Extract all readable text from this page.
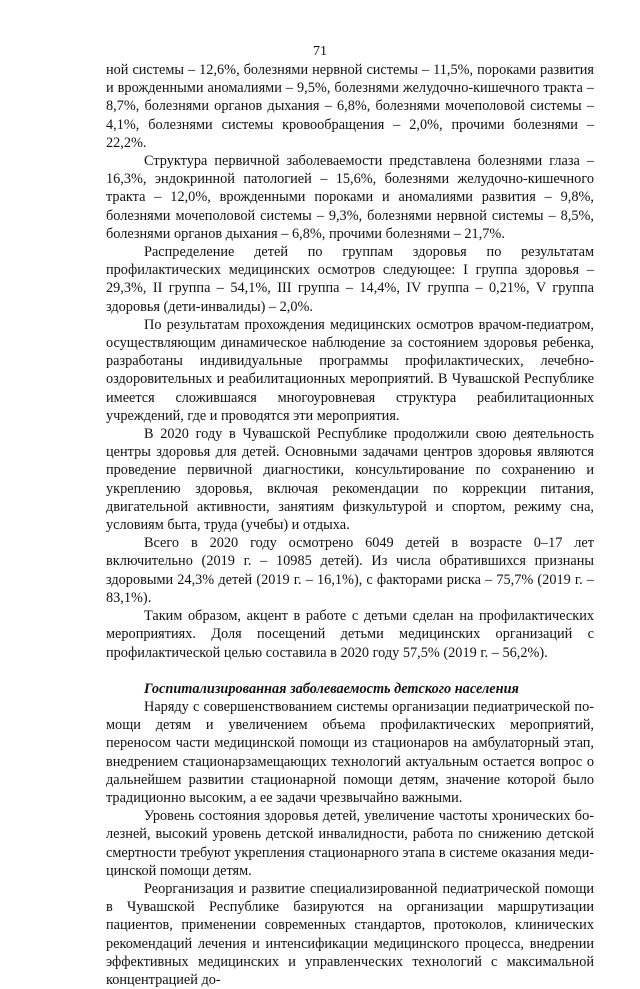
71

ной системы – 12,6%, болезнями нервной системы – 11,5%, пороками развития и врожденными аномалиями – 9,5%, болезнями желудочно-кишечного тракта – 8,7%, болезнями органов дыхания – 6,8%, болезнями мочеполовой системы – 4,1%, болезнями системы кровообращения – 2,0%, прочими болезнями – 22,2%.

Структура первичной заболеваемости представлена болезнями глаза – 16,3%, эндокринной патологией – 15,6%, болезнями желудочно-кишечного тракта – 12,0%, врожденными пороками и аномалиями развития – 9,8%, болезнями мочеполовой системы – 9,3%, болезнями нервной системы – 8,5%, болезнями органов дыхания – 6,8%, прочими болезнями – 21,7%.

Распределение детей по группам здоровья по результатам профилактических медицинских осмотров следующее: I группа здоровья – 29,3%, II группа – 54,1%, III группа – 14,4%, IV группа – 0,21%, V группа здоровья (дети-инвалиды) – 2,0%.

По результатам прохождения медицинских осмотров врачом-педиатром, осуществляющим динамическое наблюдение за состоянием здоровья ребенка, разработаны индивидуальные программы профилактических, лечебно-оздоровительных и реабилитационных мероприятий. В Чувашской Республике имеется сложившаяся многоуровневая структура реабилитационных учреждений, где и проводятся эти мероприятия.

В 2020 году в Чувашской Республике продолжили свою деятельность центры здоровья для детей. Основными задачами центров здоровья являются проведение первичной диагностики, консультирование по сохранению и укреплению здоровья, включая рекомендации по коррекции питания, двигательной активности, занятиям физкультурой и спортом, режиму сна, условиям быта, труда (учебы) и отдыха.

Всего в 2020 году осмотрено 6049 детей в возрасте 0–17 лет включительно (2019 г. – 10985 детей). Из числа обратившихся признаны здоровыми 24,3% детей (2019 г. – 16,1%), с факторами риска – 75,7% (2019 г. – 83,1%).

Таким образом, акцент в работе с детьми сделан на профилактических мероприятиях. Доля посещений детьми медицинских организаций с профилактической целью составила в 2020 году 57,5% (2019 г. – 56,2%).

Госпитализированная заболеваемость детского населения

Наряду с совершенствованием системы организации педиатрической помощи детям и увеличением объема профилактических мероприятий, переносом части медицинской помощи из стационаров на амбулаторный этап, внедрением стационарзамещающих технологий актуальным остается вопрос о дальнейшем развитии стационарной помощи детям, значение которой было традиционно высоким, а ее задачи чрезвычайно важными.

Уровень состояния здоровья детей, увеличение частоты хронических болезней, высокий уровень детской инвалидности, работа по снижению детской смертности требуют укрепления стационарного этапа в системе оказания медицинской помощи детям.

Реорганизация и развитие специализированной педиатрической помощи в Чувашской Республике базируются на организации маршрутизации пациентов, применении современных стандартов, протоколов, клинических рекомендаций лечения и интенсификации медицинского процесса, внедрении эффективных медицинских и управленческих технологий с максимальной концентрацией до-
